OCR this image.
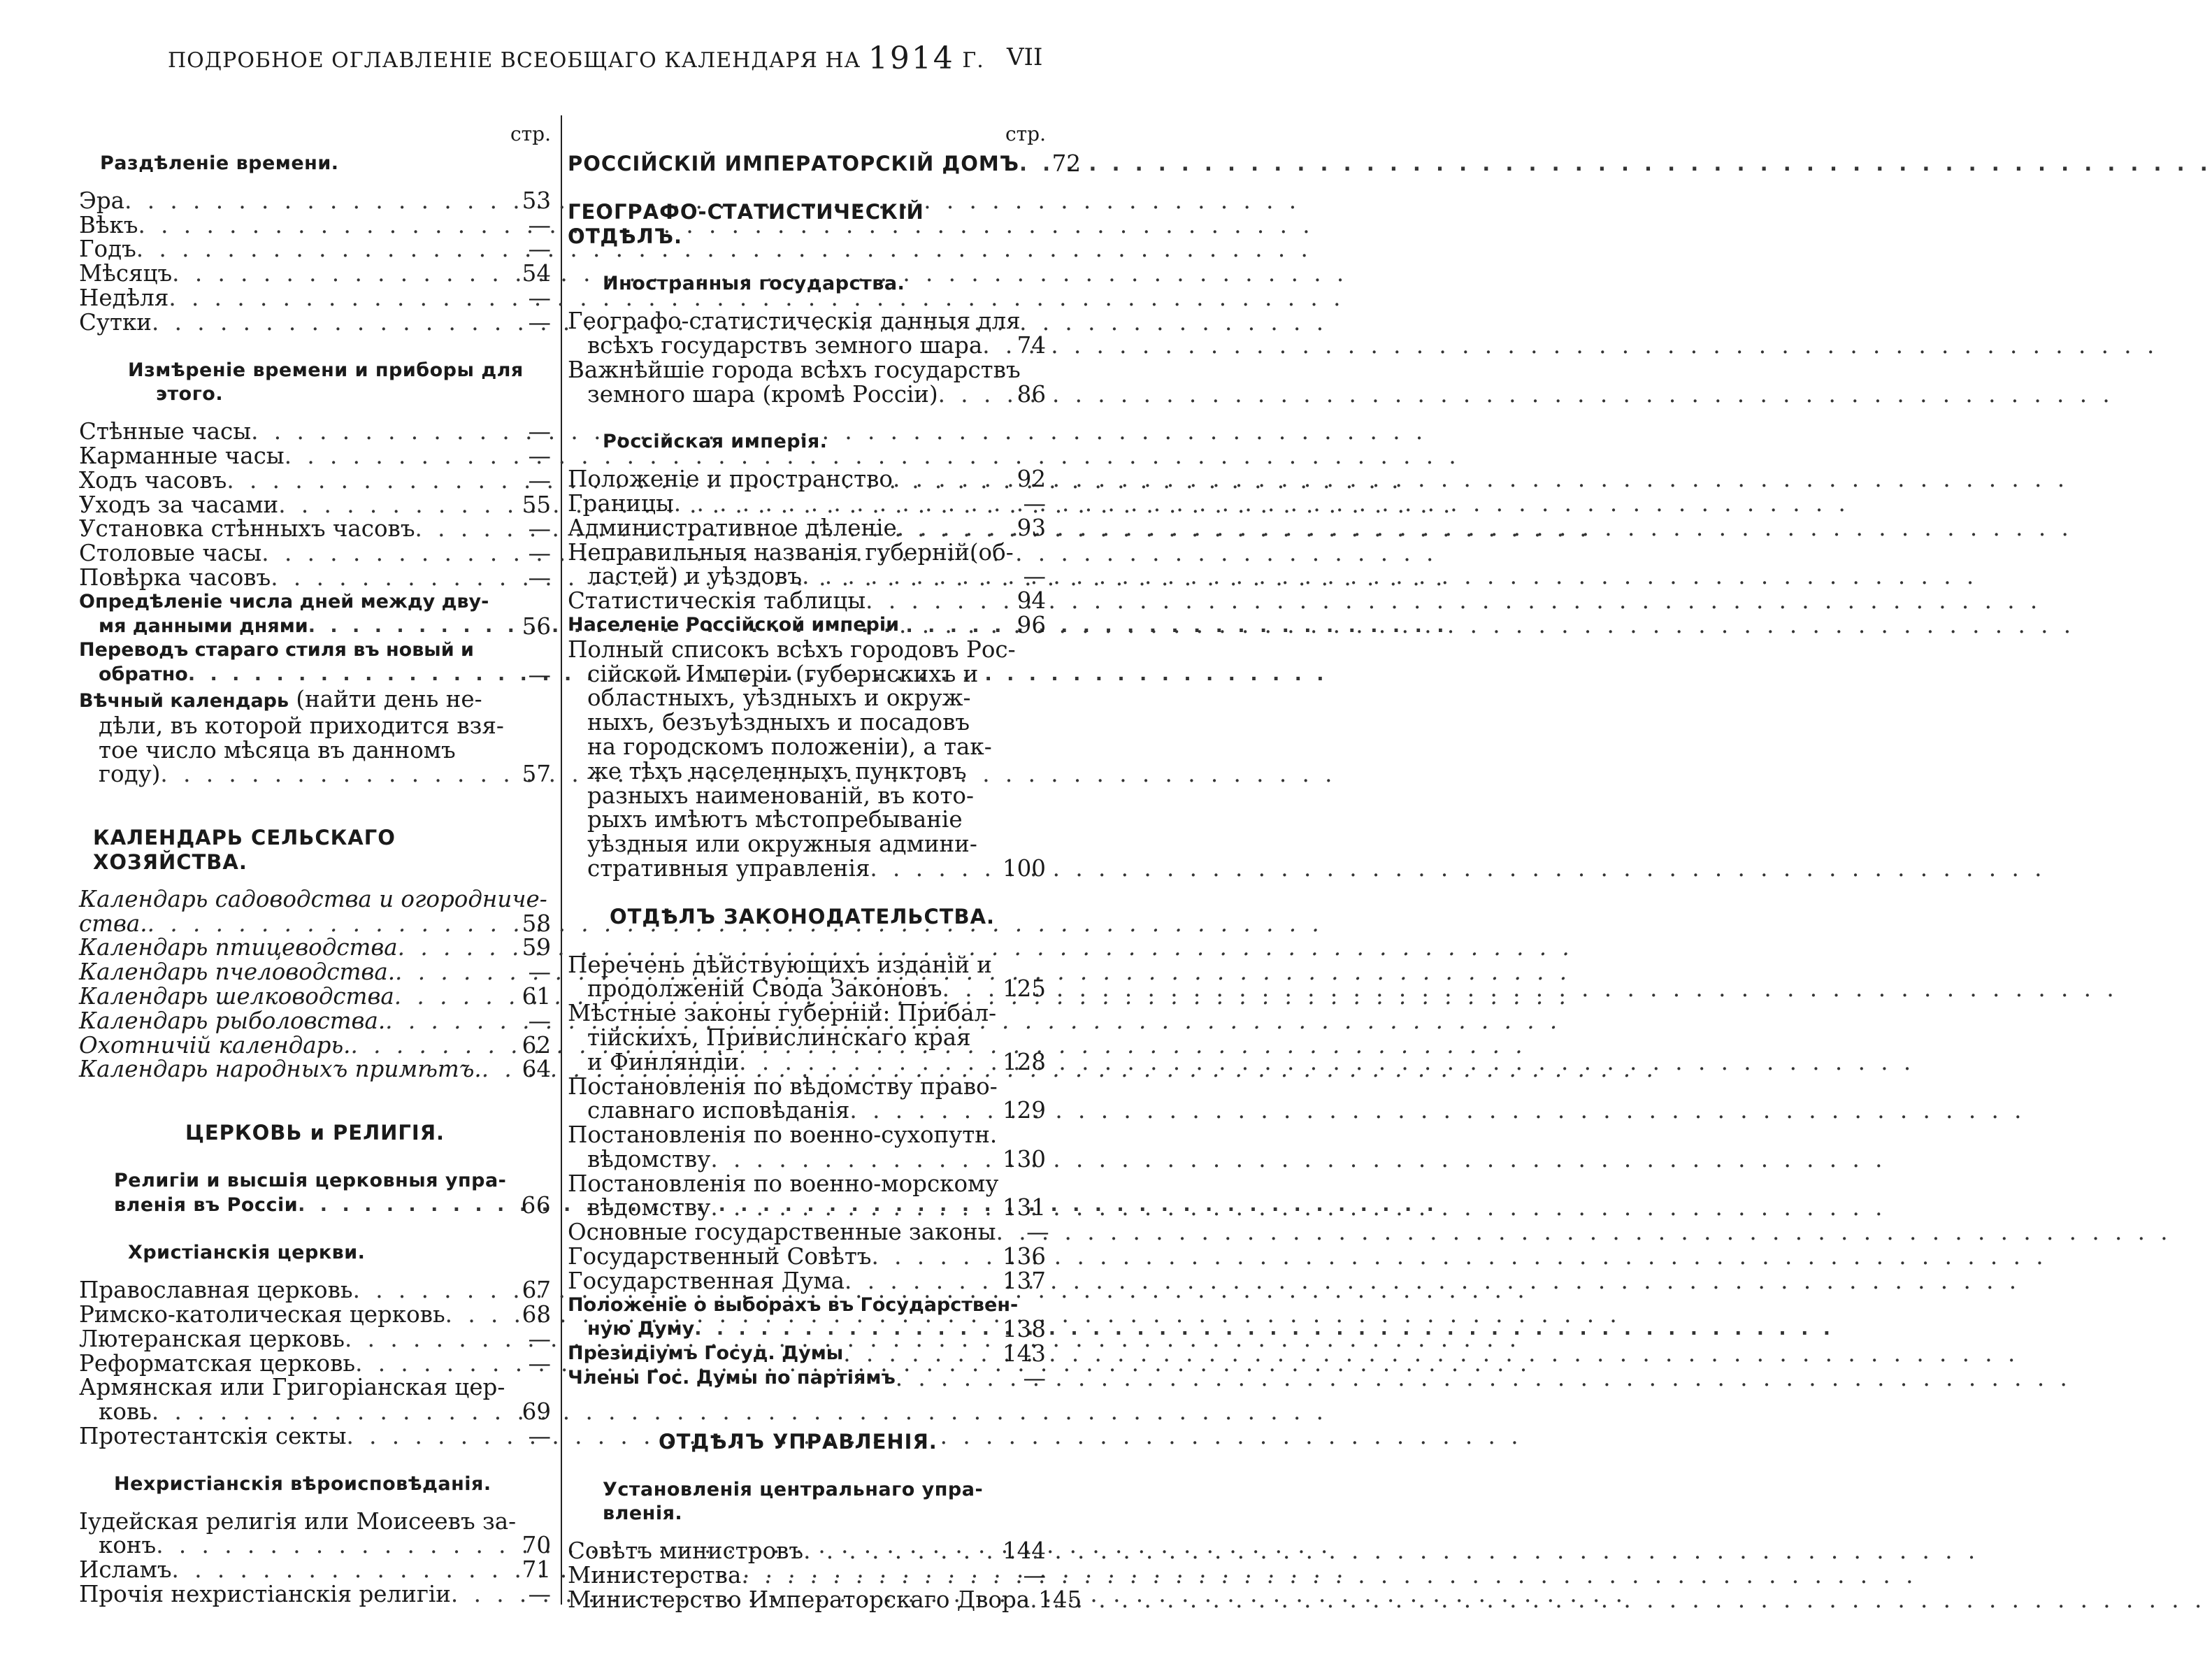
ПОДРОБНОЕ ОГЛАВЛЕНІЕ ВСЕОБЩАГО КАЛЕНДАРЯ НА 1914 Г. VII
стр.
Раздѣленіе времени.
Эра . . .	53
Вѣкъ . . .	—
Годъ . . .	—
Мѣсяцъ . . .	54
Недѣля . . .	—
Сутки . . .	—
Измѣреніе времени и приборы для
этого.
Стѣнные часы . . .	—
Карманные часы . . .	—
Ходъ часовъ . . .	—
Уходъ за часами . . .	55
Установка стѣнныхъ часовъ . . .	—
Столовые часы . . .	—
Повѣрка часовъ . . .	—
Опредѣленіе числа дней между дву-
мя данными днями . . .	56
Переводъ стараго стиля въ новый и
обратно . . .	—
Вѣчный календарь (найти день не-
дѣли, въ которой приходится взя-
тое число мѣсяца въ данномъ
году) . . .	57
КАЛЕНДАРЬ СЕЛЬСКАГО ХОЗЯЙСТВА.
Календарь садоводства и огородниче-
ства. . . .	58
Календарь птицеводства . . .	59
Календарь пчеловодства. . . .	—
Календарь шелководства . . .	61
Календарь рыболовства. . . .	—
Охотничій календарь. . . .	62
Календарь народныхъ примѣтъ. . . .	64
ЦЕРКОВЬ и РЕЛИГІЯ.
Религіи и высшія церковныя упра-
вленія въ Россіи . . .	66
Христіанскія церкви.
Православная церковь . . .	67
Римско-католическая церковь . . .	68
Лютеранская церковь . . .	—
Реформатская церковь . . .	—
Армянская или Григоріанская цер-
ковь . . .	69
Протестантскія секты . . .	—
Нехристіанскія вѣроисповѣданія.
Іудейская религія или Моисеевъ за-
конъ . . .	70
Исламъ . . .	71
Прочія нехристіанскія религіи . . .	—
стр.
РОССІЙСКІЙ ИМПЕРАТОРСКІЙ ДОМЪ . . .	72
ГЕОГРАФО-СТАТИСТИЧЕСКІЙ ОТДѢЛЪ.
Иностранныя государства.
Географо-статистическія данныя для
всѣхъ государствъ земного шара . . .	74
Важнѣйшіе города всѣхъ государствъ
земного шара (кромѣ Россіи) . . .	86
Россійская имперія.
Положеніе и пространство . . .	92
Границы . . .	—
Административное дѣленіе . . .	93
Неправильныя названія губерній(об-
ластей) и уѣздовъ . . .	—
Статистическія таблицы . . .	94
Населеніе Россійской имперіи . . .	96
Полный списокъ всѣхъ городовъ Рос-
сійской Имперіи (губернскихъ и
областныхъ, уѣздныхъ и окруж-
ныхъ, безъуѣздныхъ и посадовъ
на городскомъ положеніи), а так-
же тѣхъ населенныхъ пунктовъ
разныхъ наименованій, въ кото-
рыхъ имѣютъ мѣстопребываніе
уѣздныя или окружныя админи-
стративныя управленія . . .	100
ОТДѢЛЪ ЗАКОНОДАТЕЛЬСТВА.
Перечень дѣйствующихъ изданій и
продолженій Свода Законовъ . . .	125
Мѣстные законы губерній: Прибал-
тійскихъ, Привислинскаго края
и Финляндіи . . .	128
Постановленія по вѣдомству право-
славнаго исповѣданія . . .	129
Постановленія по военно-сухопутн.
вѣдомству . . .	130
Постановленія по военно-морскому
вѣдомству . . .	131
Основные государственные законы . . .	—
Государственный Совѣтъ . . .	136
Государственная Дума . . .	137
Положеніе о выборахъ въ Государствен-
ную Думу . . .	138
Президіумъ Госуд. Думы . . .	143
Члены Гос. Думы по партіямъ . . .	—
ОТДѢЛЪ УПРАВЛЕНІЯ.
Установленія центральнаго упра-
вленія.
Совѣтъ министровъ . . .	144
Министерства . . .	—
Министерство Императорскаго Двора . . . 145
